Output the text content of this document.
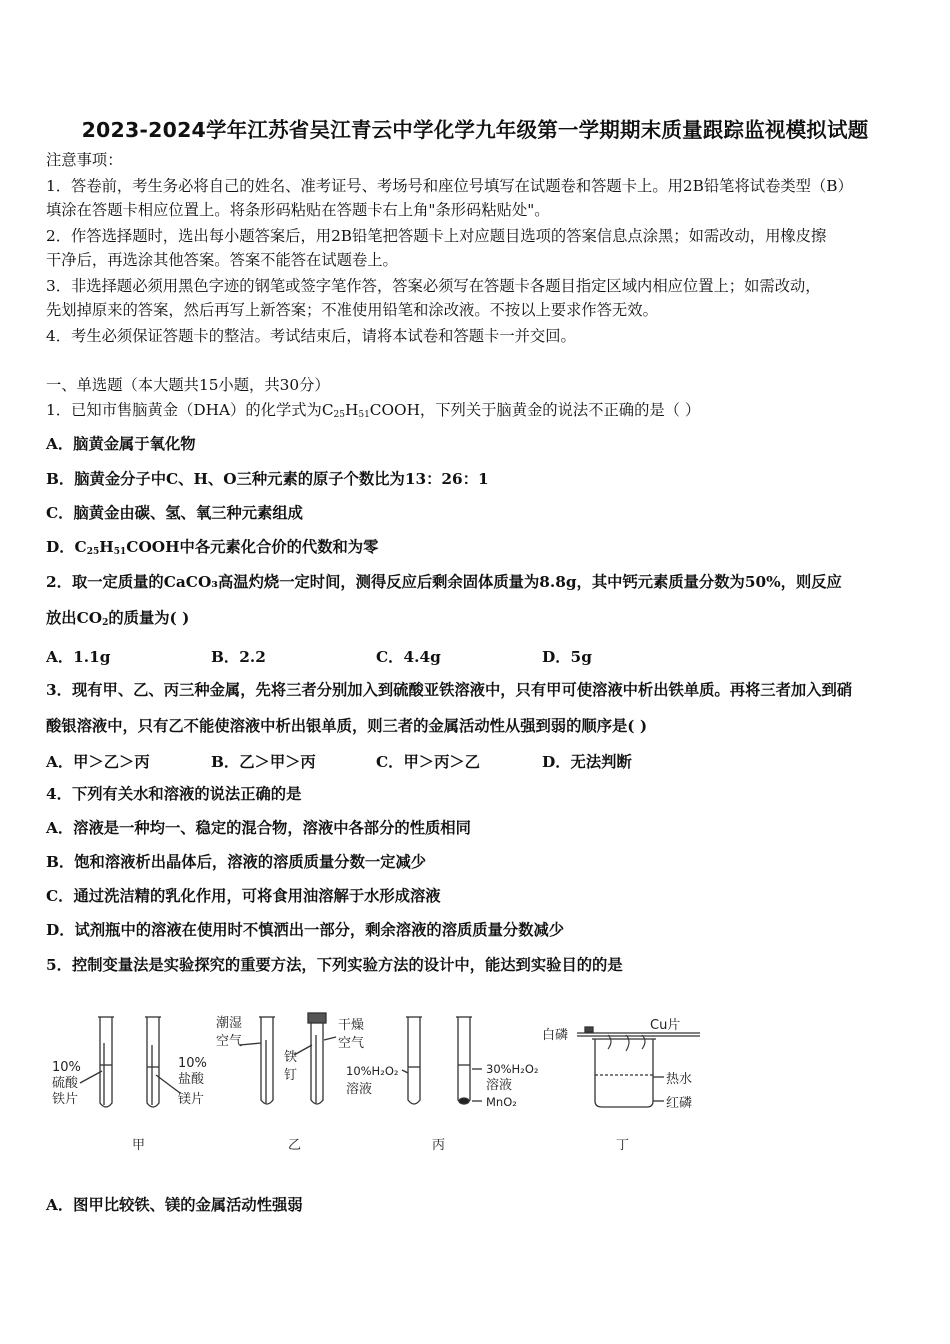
2023-2024学年江苏省吴江青云中学化学九年级第一学期期末质量跟踪监视模拟试题
注意事项：
1．答卷前，考生务必将自己的姓名、准考证号、考场号和座位号填写在试题卷和答题卡上。用2B铅笔将试卷类型（B）
填涂在答题卡相应位置上。将条形码粘贴在答题卡右上角"条形码粘贴处"。
2．作答选择题时，选出每小题答案后，用2B铅笔把答题卡上对应题目选项的答案信息点涂黑；如需改动，用橡皮擦
干净后，再选涂其他答案。答案不能答在试题卷上。
3．非选择题必须用黑色字迹的钢笔或签字笔作答，答案必须写在答题卡各题目指定区域内相应位置上；如需改动，
先划掉原来的答案，然后再写上新答案；不准使用铅笔和涂改液。不按以上要求作答无效。
4．考生必须保证答题卡的整洁。考试结束后，请将本试卷和答题卡一并交回。
一、单选题（本大题共15小题，共30分）
1．已知市售脑黄金（DHA）的化学式为$C_{25}H_{51}COOH$，下列关于脑黄金的说法不正确的是（ ）
A．脑黄金属于氧化物
B．脑黄金分子中C、H、O三种元素的原子个数比为13：26：1
C．脑黄金由碳、氢、氧三种元素组成
D．$C_{25}H_{51}COOH$中各元素化合价的代数和为零
2．取一定质量的CaCO₃高温灼烧一定时间，测得反应后剩余固体质量为8.8g，其中钙元素质量分数为50%，则反应
放出$CO_2$的质量为( )
A．1.1g	B．2.2	C．4.4g	D．5g
3．现有甲、乙、丙三种金属，先将三者分别加入到硫酸亚铁溶液中，只有甲可使溶液中析出铁单质。再将三者加入到硝
酸银溶液中，只有乙不能使溶液中析出银单质，则三者的金属活动性从强到弱的顺序是( )
A．甲＞乙＞丙	B．乙＞甲＞丙	C．甲＞丙＞乙	D．无法判断
4．下列有关水和溶液的说法正确的是
A．溶液是一种均一、稳定的混合物，溶液中各部分的性质相同
B．饱和溶液析出晶体后，溶液的溶质质量分数一定减少
C．通过洗洁精的乳化作用，可将食用油溶解于水形成溶液
D．试剂瓶中的溶液在使用时不慎洒出一部分，剩余溶液的溶质质量分数减少
5．控制变量法是实验探究的重要方法，下列实验方法的设计中，能达到实验目的的是
10%
硫酸
铁片
10%
盐酸
镁片
潮湿
空气
铁
钉
干燥
空气
10%H₂O₂
溶液
30%H₂O₂
溶液
MnO₂
白磷
Cu片
热水
红磷
甲	乙	丙	丁
A．图甲比较铁、镁的金属活动性强弱
